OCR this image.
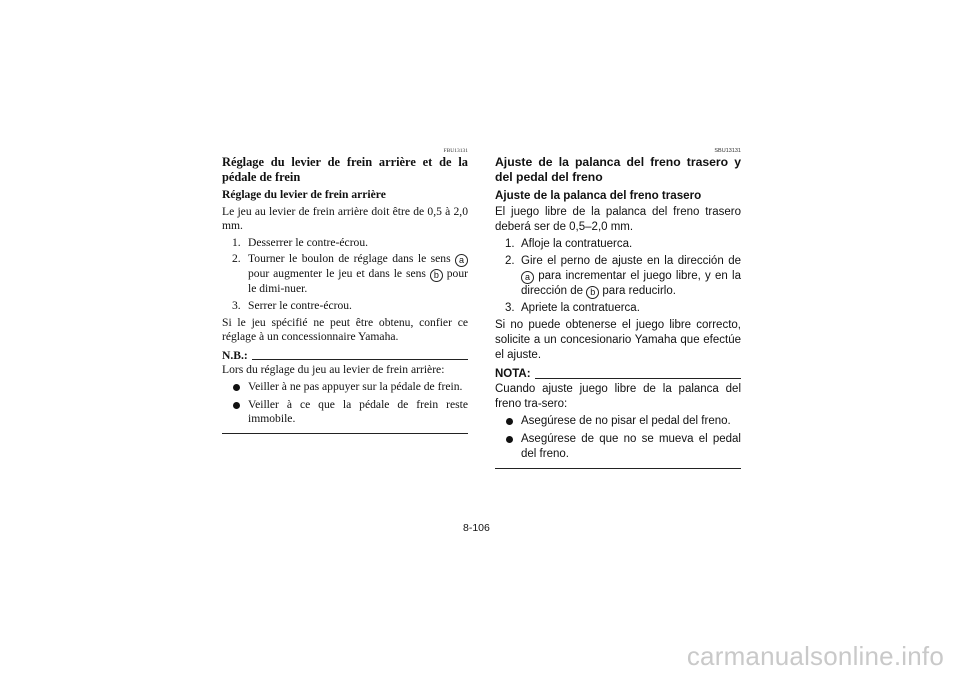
FBU13131
Réglage du levier de frein arrière et de la pédale de frein
Réglage du levier de frein arrière

Le jeu au levier de frein arrière doit être de 0,5 à 2,0 mm.

1. Desserrer le contre-écrou.
2. Tourner le boulon de réglage dans le sens a pour augmenter le jeu et dans le sens b pour le dimi-nuer.
3. Serrer le contre-écrou.

Si le jeu spécifié ne peut être obtenu, confier ce réglage à un concessionnaire Yamaha.

N.B.:

Lors du réglage du jeu au levier de frein arrière:

Veiller à ne pas appuyer sur la pédale de frein.
Veiller à ce que la pédale de frein reste immobile.
SBU13131
Ajuste de la palanca del freno trasero y del pedal del freno
Ajuste de la palanca del freno trasero

El juego libre de la palanca del freno trasero deberá ser de 0,5–2,0 mm.

1. Afloje la contratuerca.
2. Gire el perno de ajuste en la dirección de a para incrementar el juego libre, y en la dirección de b para reducirlo.
3. Apriete la contratuerca.

Si no puede obtenerse el juego libre correcto, solicite a un concesionario Yamaha que efectúe el ajuste.

NOTA:

Cuando ajuste juego libre de la palanca del freno tra-sero:

Asegúrese de no pisar el pedal del freno.
Asegúrese de que no se mueva el pedal del freno.
8-106
carmanualsonline.info
